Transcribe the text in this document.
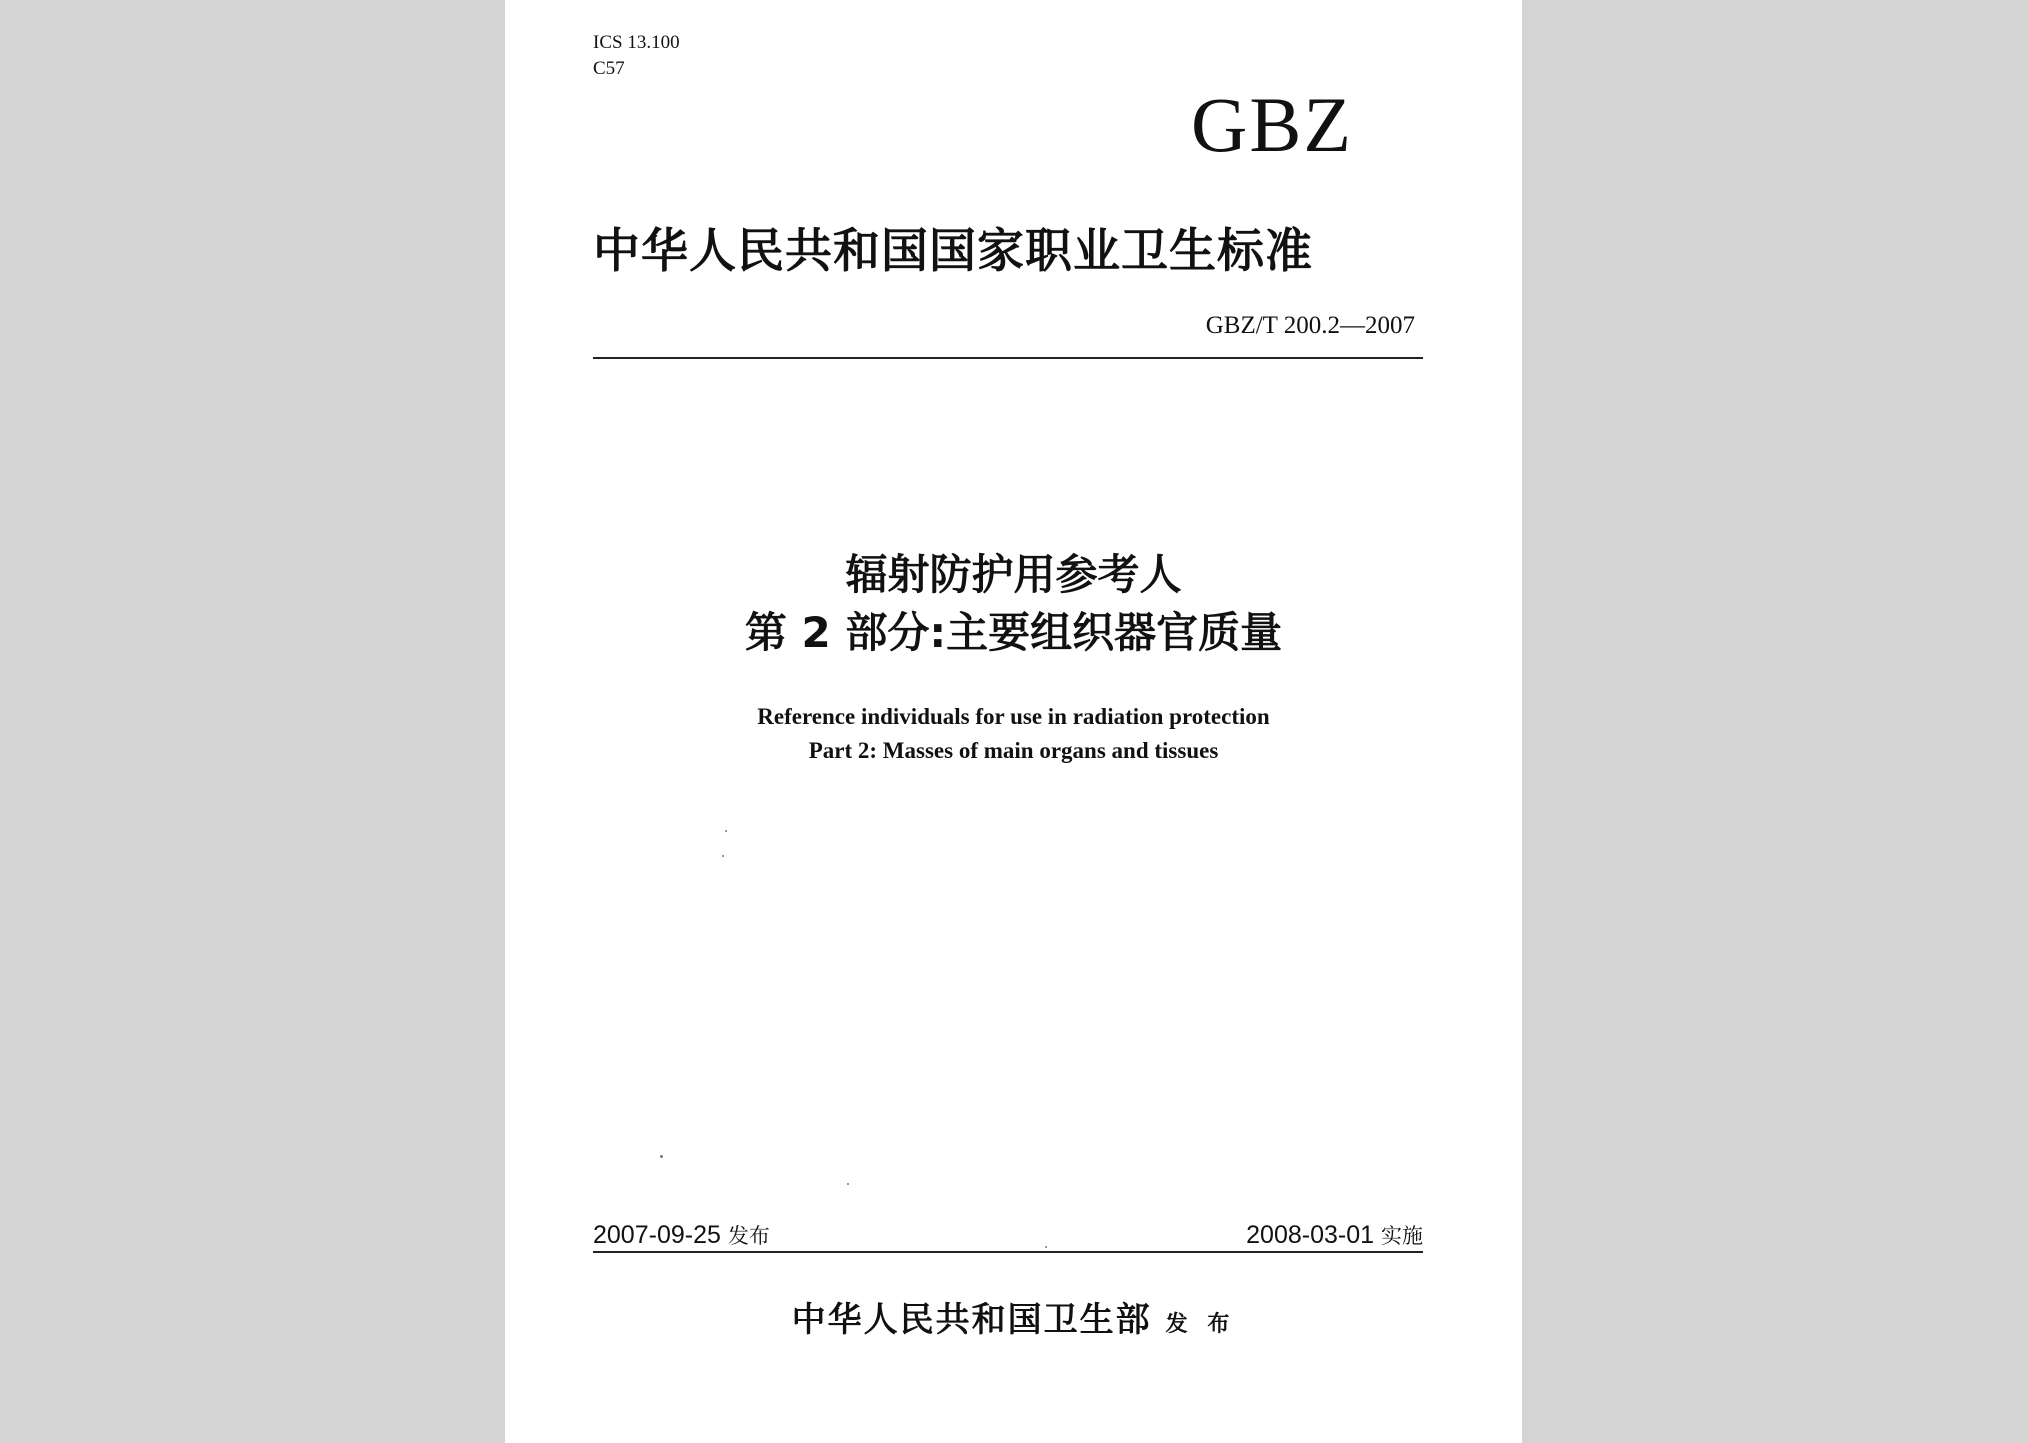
ICS 13.100
C57
GBZ
中华人民共和国国家职业卫生标准
GBZ/T 200.2—2007
辐射防护用参考人
第 2 部分:主要组织器官质量
Reference individuals for use in radiation protection
Part 2: Masses of main organs and tissues
2007-09-25 发布	2008-03-01 实施
中华人民共和国卫生部 发 布
